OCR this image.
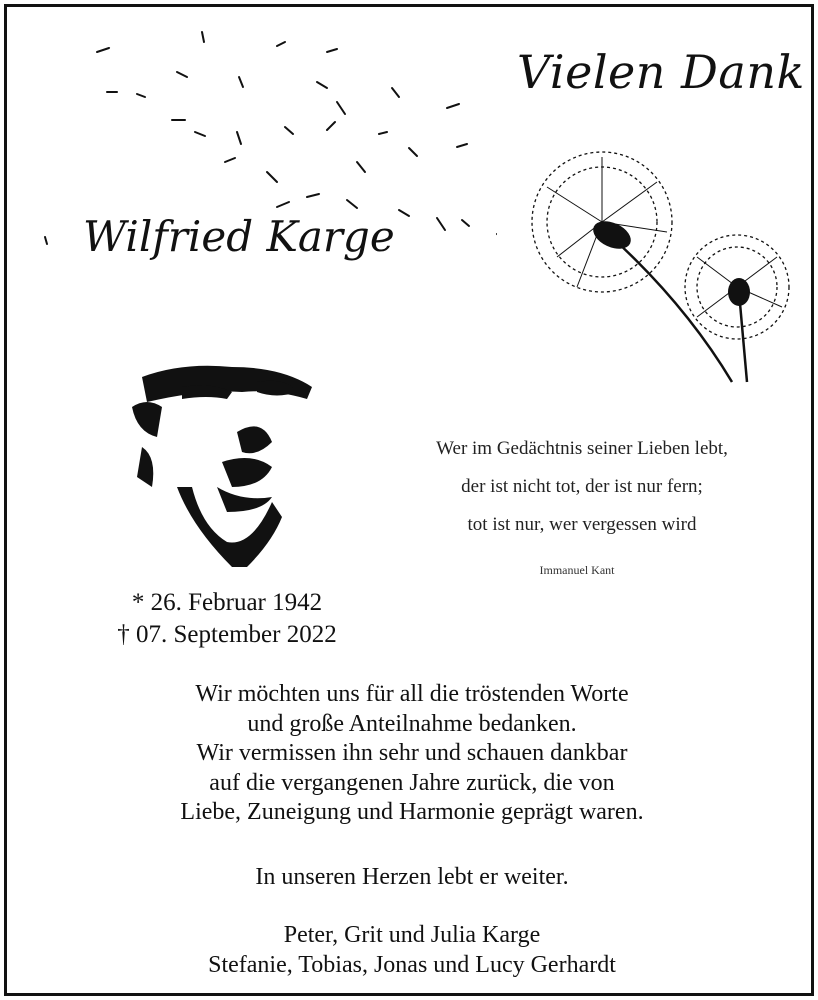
Vielen Dank
Wilfried Karge
Wer im Gedächtnis seiner Lieben lebt,
der ist nicht tot, der ist nur fern;
tot ist nur, wer vergessen wird
Immanuel Kant
* 26. Februar 1942
† 07. September 2022
Wir möchten uns für all die tröstenden Worte
und große Anteilnahme bedanken.
Wir vermissen ihn sehr und schauen dankbar
auf die vergangenen Jahre zurück, die von
Liebe, Zuneigung und Harmonie geprägt waren.
In unseren Herzen lebt er weiter.
Peter, Grit und Julia Karge
Stefanie, Tobias, Jonas und Lucy Gerhardt
